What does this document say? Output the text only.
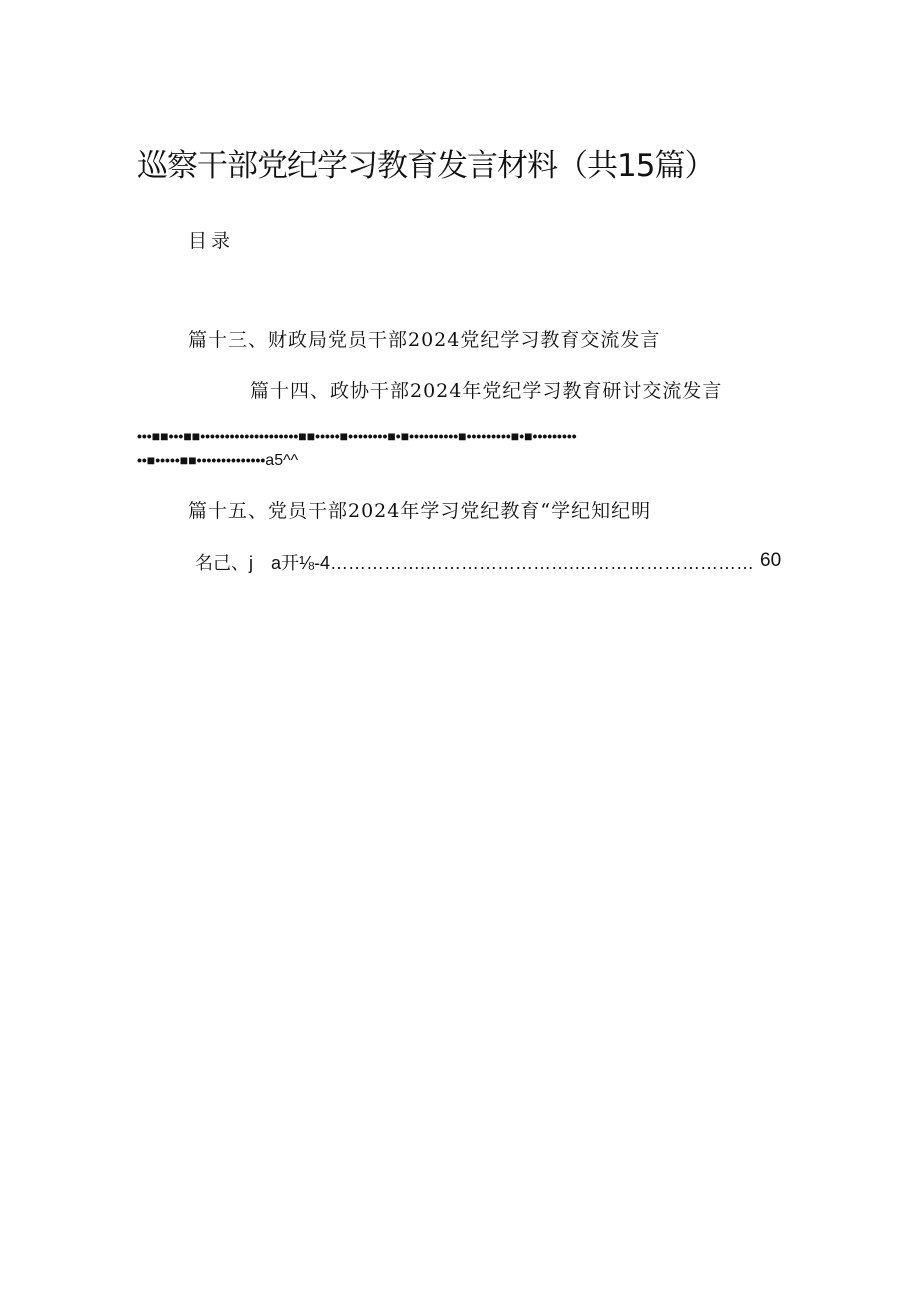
巡察干部党纪学习教育发言材料（共15篇）
目录
篇十三、财政局党员干部2024党纪学习教育交流发言
篇十四、政协干部2024年党纪学习教育研讨交流发言
•••■■•••■■••••••••••••••••••••■■•••••■••••••••■•■••••••••••■•••••••••■•■•••••••••
••■•••••■■••••••••••••••a5^^
篇十五、党员干部2024年学习党纪教育“学纪知纪明
名己、j　a开⅛-4…………….…………………….………………………… 60
